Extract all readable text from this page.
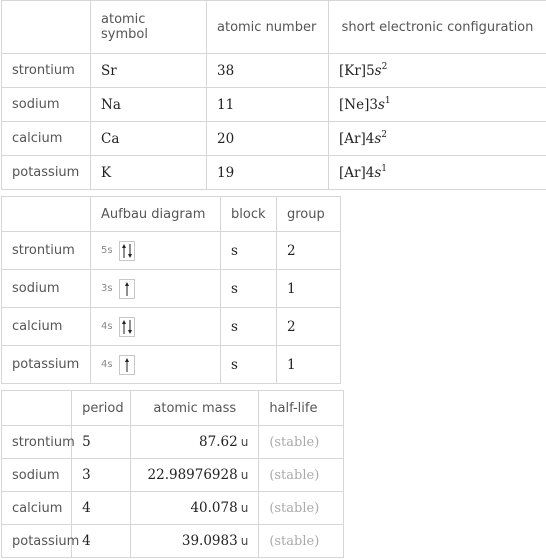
	atomic symbol	atomic number	short electronic configuration
strontium	Sr	38	$[Kr]5s^2$
sodium	Na	11	$[Ne]3s^1$
calcium	Ca	20	$[Ar]4s^2$
potassium	K	19	$[Ar]4s^1$
	Aufbau diagram	block	group
strontium	5s	s	2
sodium	3s	s	1
calcium	4s	s	2
potassium	4s	s	1
	period	atomic mass	half-life
strontium	5	87.62 u	(stable)
sodium	3	22.98976928 u	(stable)
calcium	4	40.078 u	(stable)
potassium	4	39.0983 u	(stable)
